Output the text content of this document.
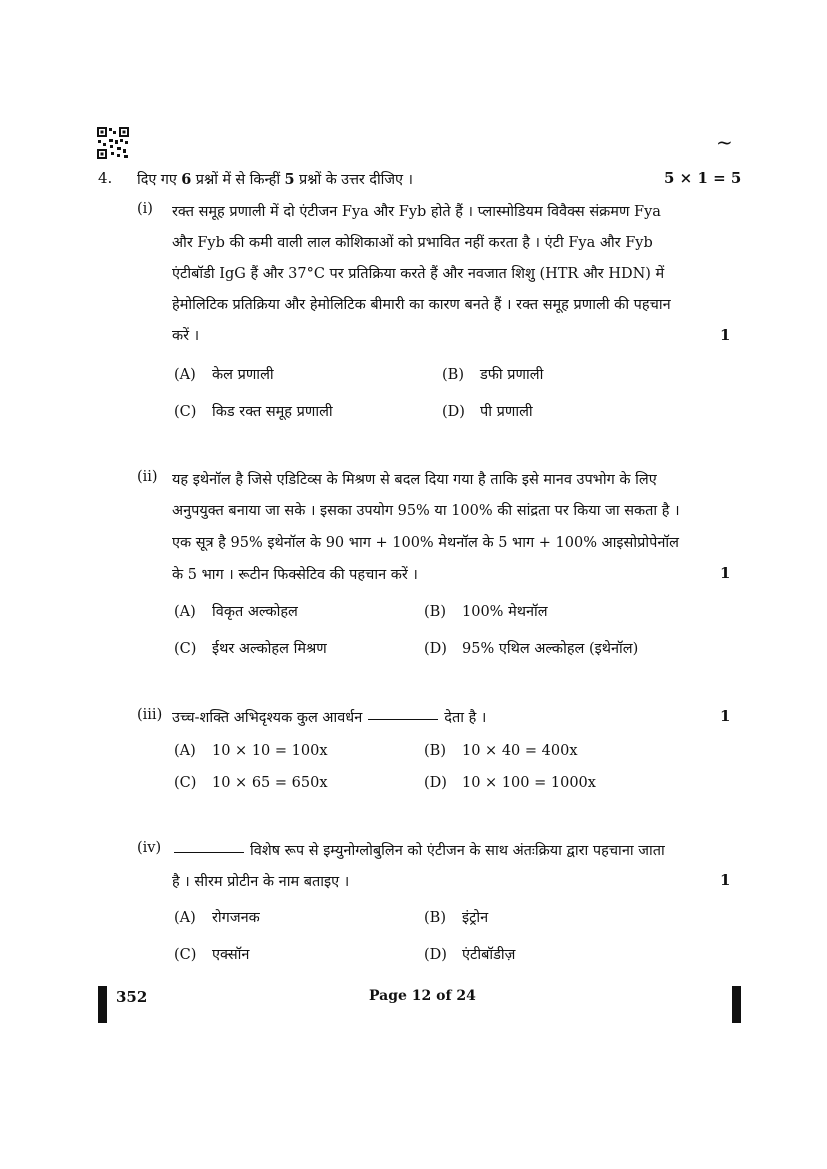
~
4. दिए गए 6 प्रश्नों में से किन्हीं 5 प्रश्नों के उत्तर दीजिए ।	5 × 1 = 5
(i) रक्त समूह प्रणाली में दो एंटीजन Fya और Fyb होते हैं । प्लास्मोडियम विवैक्स संक्रमण Fya
और Fyb की कमी वाली लाल कोशिकाओं को प्रभावित नहीं करता है । एंटी Fya और Fyb
एंटीबॉडी IgG हैं और 37°C पर प्रतिक्रिया करते हैं और नवजात शिशु (HTR और HDN) में
हेमोलिटिक प्रतिक्रिया और हेमोलिटिक बीमारी का कारण बनते हैं । रक्त समूह प्रणाली की पहचान
करें ।	1
(A) केल प्रणाली	(B) डफी प्रणाली
(C) किड रक्त समूह प्रणाली	(D) पी प्रणाली
(ii) यह इथेनॉल है जिसे एडिटिव्स के मिश्रण से बदल दिया गया है ताकि इसे मानव उपभोग के लिए
अनुपयुक्त बनाया जा सके । इसका उपयोग 95% या 100% की सांद्रता पर किया जा सकता है ।
एक सूत्र है 95% इथेनॉल के 90 भाग + 100% मेथनॉल के 5 भाग + 100% आइसोप्रोपेनॉल
के 5 भाग । रूटीन फिक्सेटिव की पहचान करें ।	1
(A) विकृत अल्कोहल	(B) 100% मेथनॉल
(C) ईथर अल्कोहल मिश्रण	(D) 95% एथिल अल्कोहल (इथेनॉल)
(iii) उच्च-शक्ति अभिदृश्यक कुल आवर्धन	देता है ।	1
(A) 10 × 10 = 100x	(B) 10 × 40 = 400x
(C) 10 × 65 = 650x	(D) 10 × 100 = 1000x
(iv)	विशेष रूप से इम्युनोग्लोबुलिन को एंटीजन के साथ अंतःक्रिया द्वारा पहचाना जाता
है । सीरम प्रोटीन के नाम बताइए ।	1
(A) रोगजनक	(B) इंट्रोन
(C) एक्सॉन	(D) एंटीबॉडीज़
352	Page 12 of 24
